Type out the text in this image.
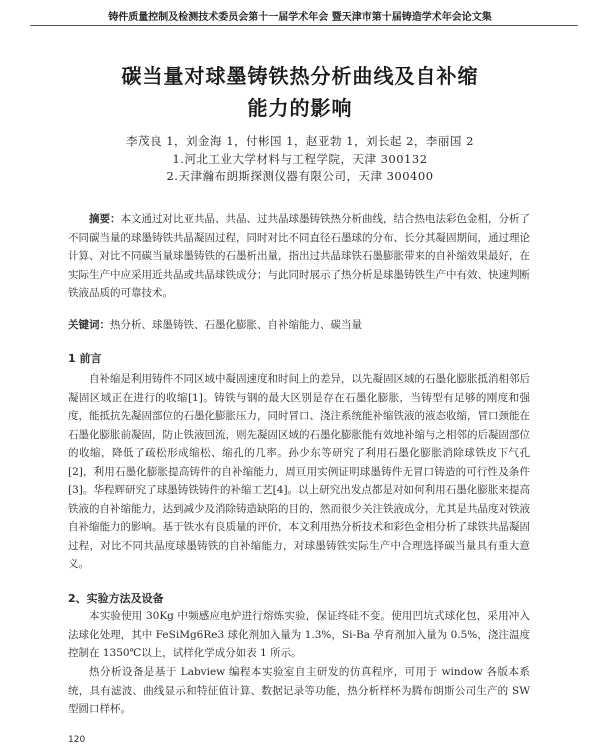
铸件质量控制及检测技术委员会第十一届学术年会 暨天津市第十届铸造学术年会论文集
碳当量对球墨铸铁热分析曲线及自补缩
能力的影响
李茂良 1，刘金海 1，付彬国 1，赵亚勃 1，刘长起 2，李丽国 2
1.河北工业大学材料与工程学院，天津 300132
2.天津瀚布朗斯探测仪器有限公司，天津 300400
摘要：本文通过对比亚共晶、共晶、过共晶球墨铸铁热分析曲线，结合热电法彩色金相，分析了不同碳当量的球墨铸铁共晶凝固过程，同时对比不同直径石墨球的分布、长分其凝固期间，通过理论计算、对比不同碳当量球墨铸铁的石墨析出量，指出过共晶球铁石墨膨胀带来的自补缩效果最好，在实际生产中应采用近共晶或共晶球铁成分；与此同时展示了热分析是球墨铸铁生产中有效、快速判断铁液品质的可靠技术。
关键词：热分析、球墨铸铁、石墨化膨胀、自补缩能力、碳当量
1 前言
自补缩是利用铸件不同区域中凝固速度和时间上的差异，以先凝固区域的石墨化膨胀抵消相邻后凝固区域正在进行的收缩[1]。铸铁与钢的最大区别是存在石墨化膨胀，当铸型有足够的刚度和强度，能抵抗先凝固部位的石墨化膨胀压力，同时冒口、浇注系统能补缩铁液的液态收缩，冒口颈能在石墨化膨胀前凝固，防止铁液回流，则先凝固区域的石墨化膨胀能有效地补缩与之相邻的后凝固部位的收缩，降低了疏松形成缩松、缩孔的几率。孙少东等研究了利用石墨化膨胀消除球铁皮下气孔[2]，利用石墨化膨胀提高铸件的自补缩能力，周亘用实例证明球墨铸件无冒口铸造的可行性及条件[3]。华程辉研究了球墨铸铁铸件的补缩工艺[4]。以上研究出发点都是对如何利用石墨化膨胀来提高铁液的自补缩能力，达到减少及消除铸造缺陷的目的，然而很少关注铁液成分，尤其是共晶度对铁液自补缩能力的影响。基于铁水有良质量的评价，本文利用热分析技术和彩色金相分析了球铁共晶凝固过程，对比不同共晶度球墨铸铁的自补缩能力，对球墨铸铁实际生产中合理选择碳当量具有重大意义。
2、实验方法及设备
本实验使用 30Kg 中频感应电炉进行熔炼实验，保证终硅不变。使用凹坑式球化包，采用冲入法球化处理，其中 FeSiMg6Re3 球化剂加入量为 1.3%，Si-Ba 孕育剂加入量为 0.5%，浇注温度控制在 1350℃以上，试样化学成分如表 1 所示。
热分析设备是基于 Labview 编程本实验室自主研发的仿真程序，可用于 window 各版本系统，具有滤波、曲线显示和特征值计算、数据记录等功能，热分析样杯为腾布朗斯公司生产的 SW 型圆口样杯。
120
